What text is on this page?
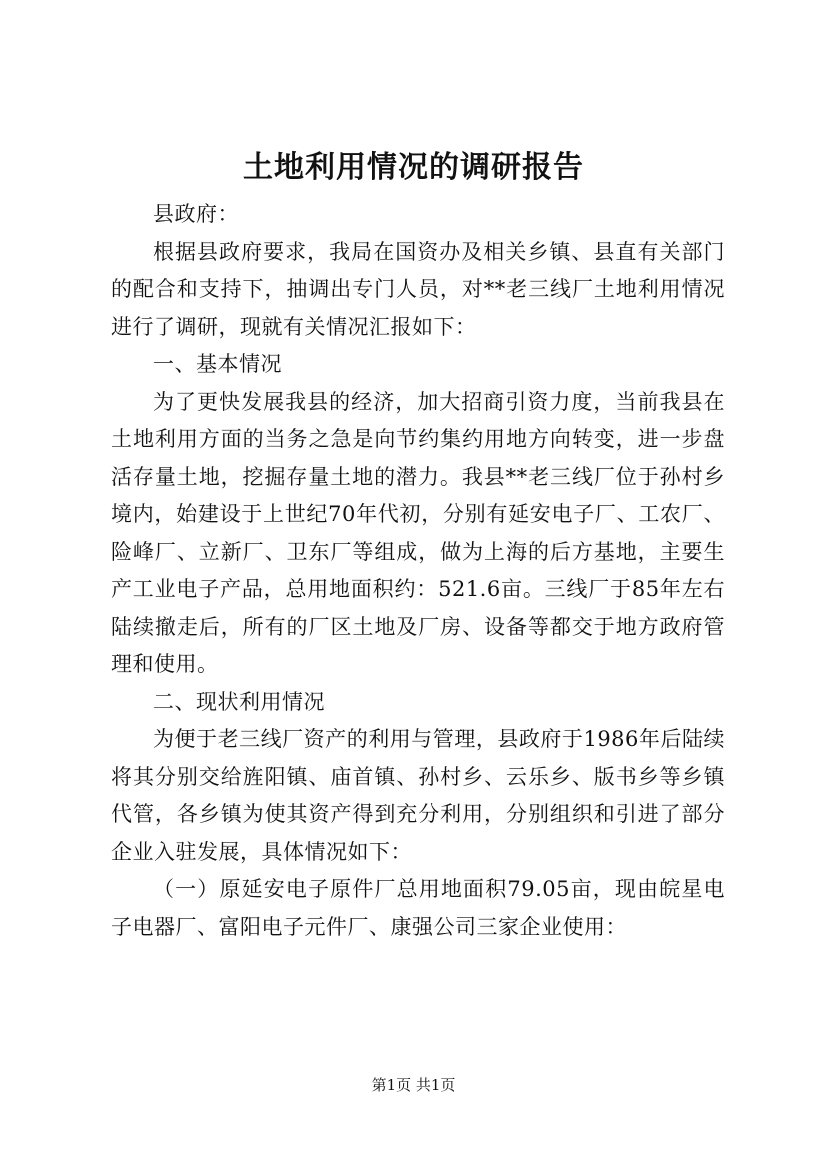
土地利用情况的调研报告

县政府：

根据县政府要求，我局在国资办及相关乡镇、县直有关部门的配合和支持下，抽调出专门人员，对**老三线厂土地利用情况进行了调研，现就有关情况汇报如下：

一、基本情况

为了更快发展我县的经济，加大招商引资力度，当前我县在土地利用方面的当务之急是向节约集约用地方向转变，进一步盘活存量土地，挖掘存量土地的潜力。我县**老三线厂位于孙村乡境内，始建设于上世纪70年代初，分别有延安电子厂、工农厂、险峰厂、立新厂、卫东厂等组成，做为上海的后方基地，主要生产工业电子产品，总用地面积约：521.6亩。三线厂于85年左右陆续撤走后，所有的厂区土地及厂房、设备等都交于地方政府管理和使用。

二、现状利用情况

为便于老三线厂资产的利用与管理，县政府于1986年后陆续将其分别交给旌阳镇、庙首镇、孙村乡、云乐乡、版书乡等乡镇代管，各乡镇为使其资产得到充分利用，分别组织和引进了部分企业入驻发展，具体情况如下：

（一）原延安电子原件厂总用地面积79.05亩，现由皖星电子电器厂、富阳电子元件厂、康强公司三家企业使用：

第1页 共1页
